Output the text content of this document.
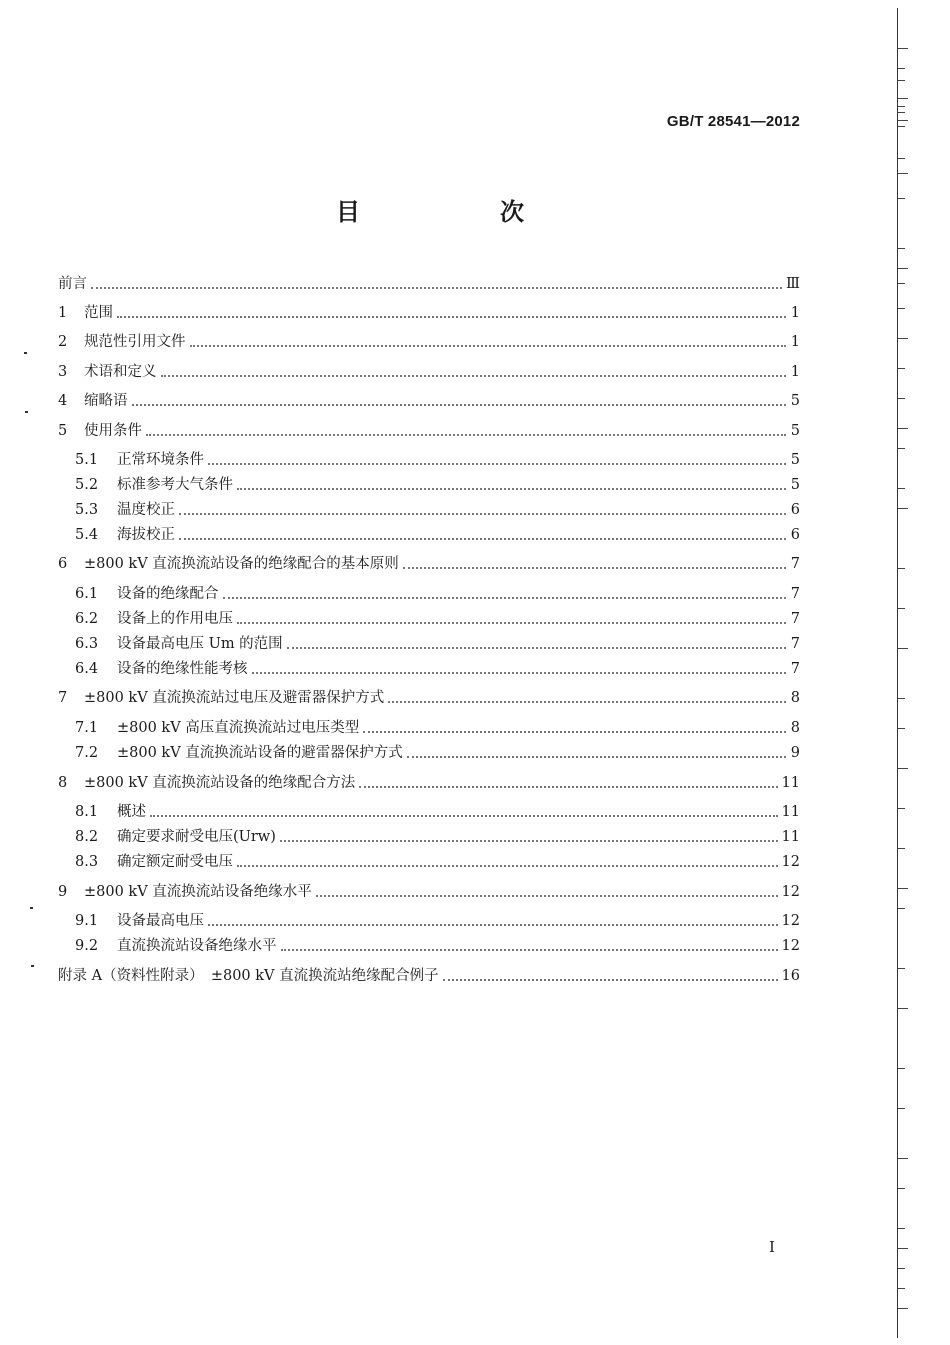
GB/T 28541—2012
目　次
前言	Ⅲ
1	范围	1
2	规范性引用文件	1
3	术语和定义	1
4	缩略语	5
5	使用条件	5
5.1	正常环境条件	5
5.2	标准参考大气条件	5
5.3	温度校正	6
5.4	海拔校正	6
6	±800 kV 直流换流站设备的绝缘配合的基本原则	7
6.1	设备的绝缘配合	7
6.2	设备上的作用电压	7
6.3	设备最高电压 Um 的范围	7
6.4	设备的绝缘性能考核	7
7	±800 kV 直流换流站过电压及避雷器保护方式	8
7.1	±800 kV 高压直流换流站过电压类型	8
7.2	±800 kV 直流换流站设备的避雷器保护方式	9
8	±800 kV 直流换流站设备的绝缘配合方法	11
8.1	概述	11
8.2	确定要求耐受电压(Urw)	11
8.3	确定额定耐受电压	12
9	±800 kV 直流换流站设备绝缘水平	12
9.1	设备最高电压	12
9.2	直流换流站设备绝缘水平	12
附录 A（资料性附录）　±800 kV 直流换流站绝缘配合例子	16
I
